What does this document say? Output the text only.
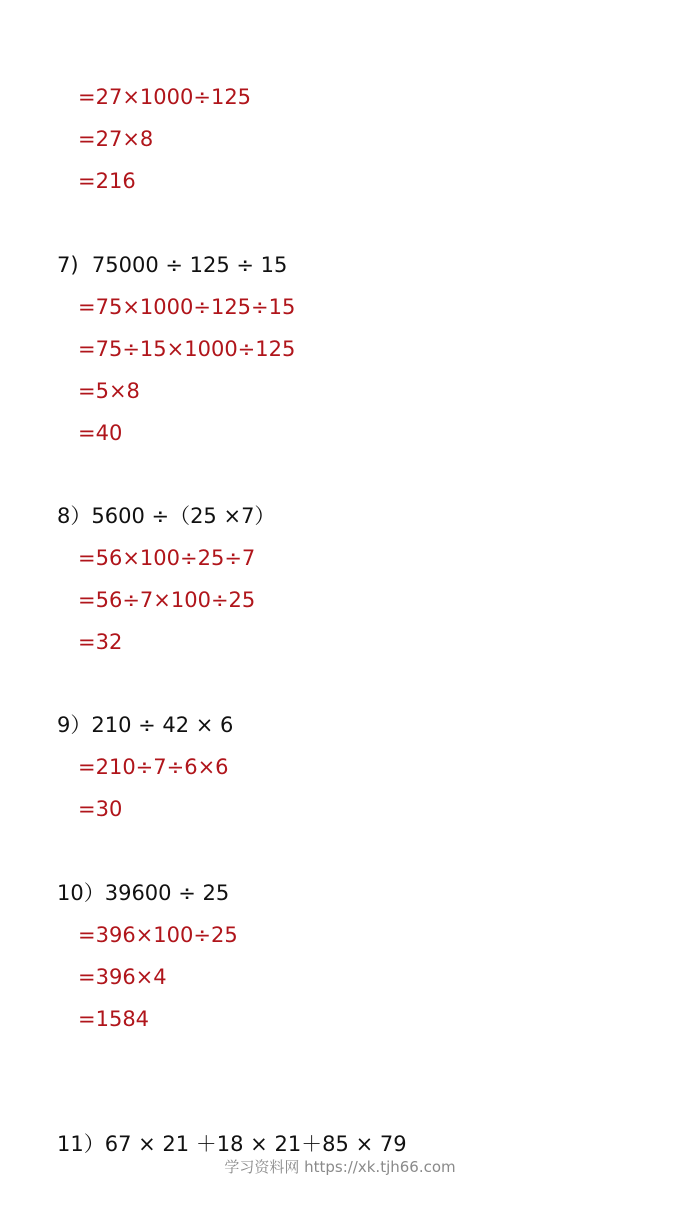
=27×1000÷125
=27×8
=216
7)  75000 ÷ 125 ÷ 15
=75×1000÷125÷15
=75÷15×1000÷125
=5×8
=40
8）5600 ÷（25 ×7）
=56×100÷25÷7
=56÷7×100÷25
=32
9）210 ÷ 42 × 6
=210÷7÷6×6
=30
10）39600 ÷ 25
=396×100÷25
=396×4
=1584
11）67 × 21 ＋18 × 21＋85 × 79
学习资料网 https://xk.tjh66.com
